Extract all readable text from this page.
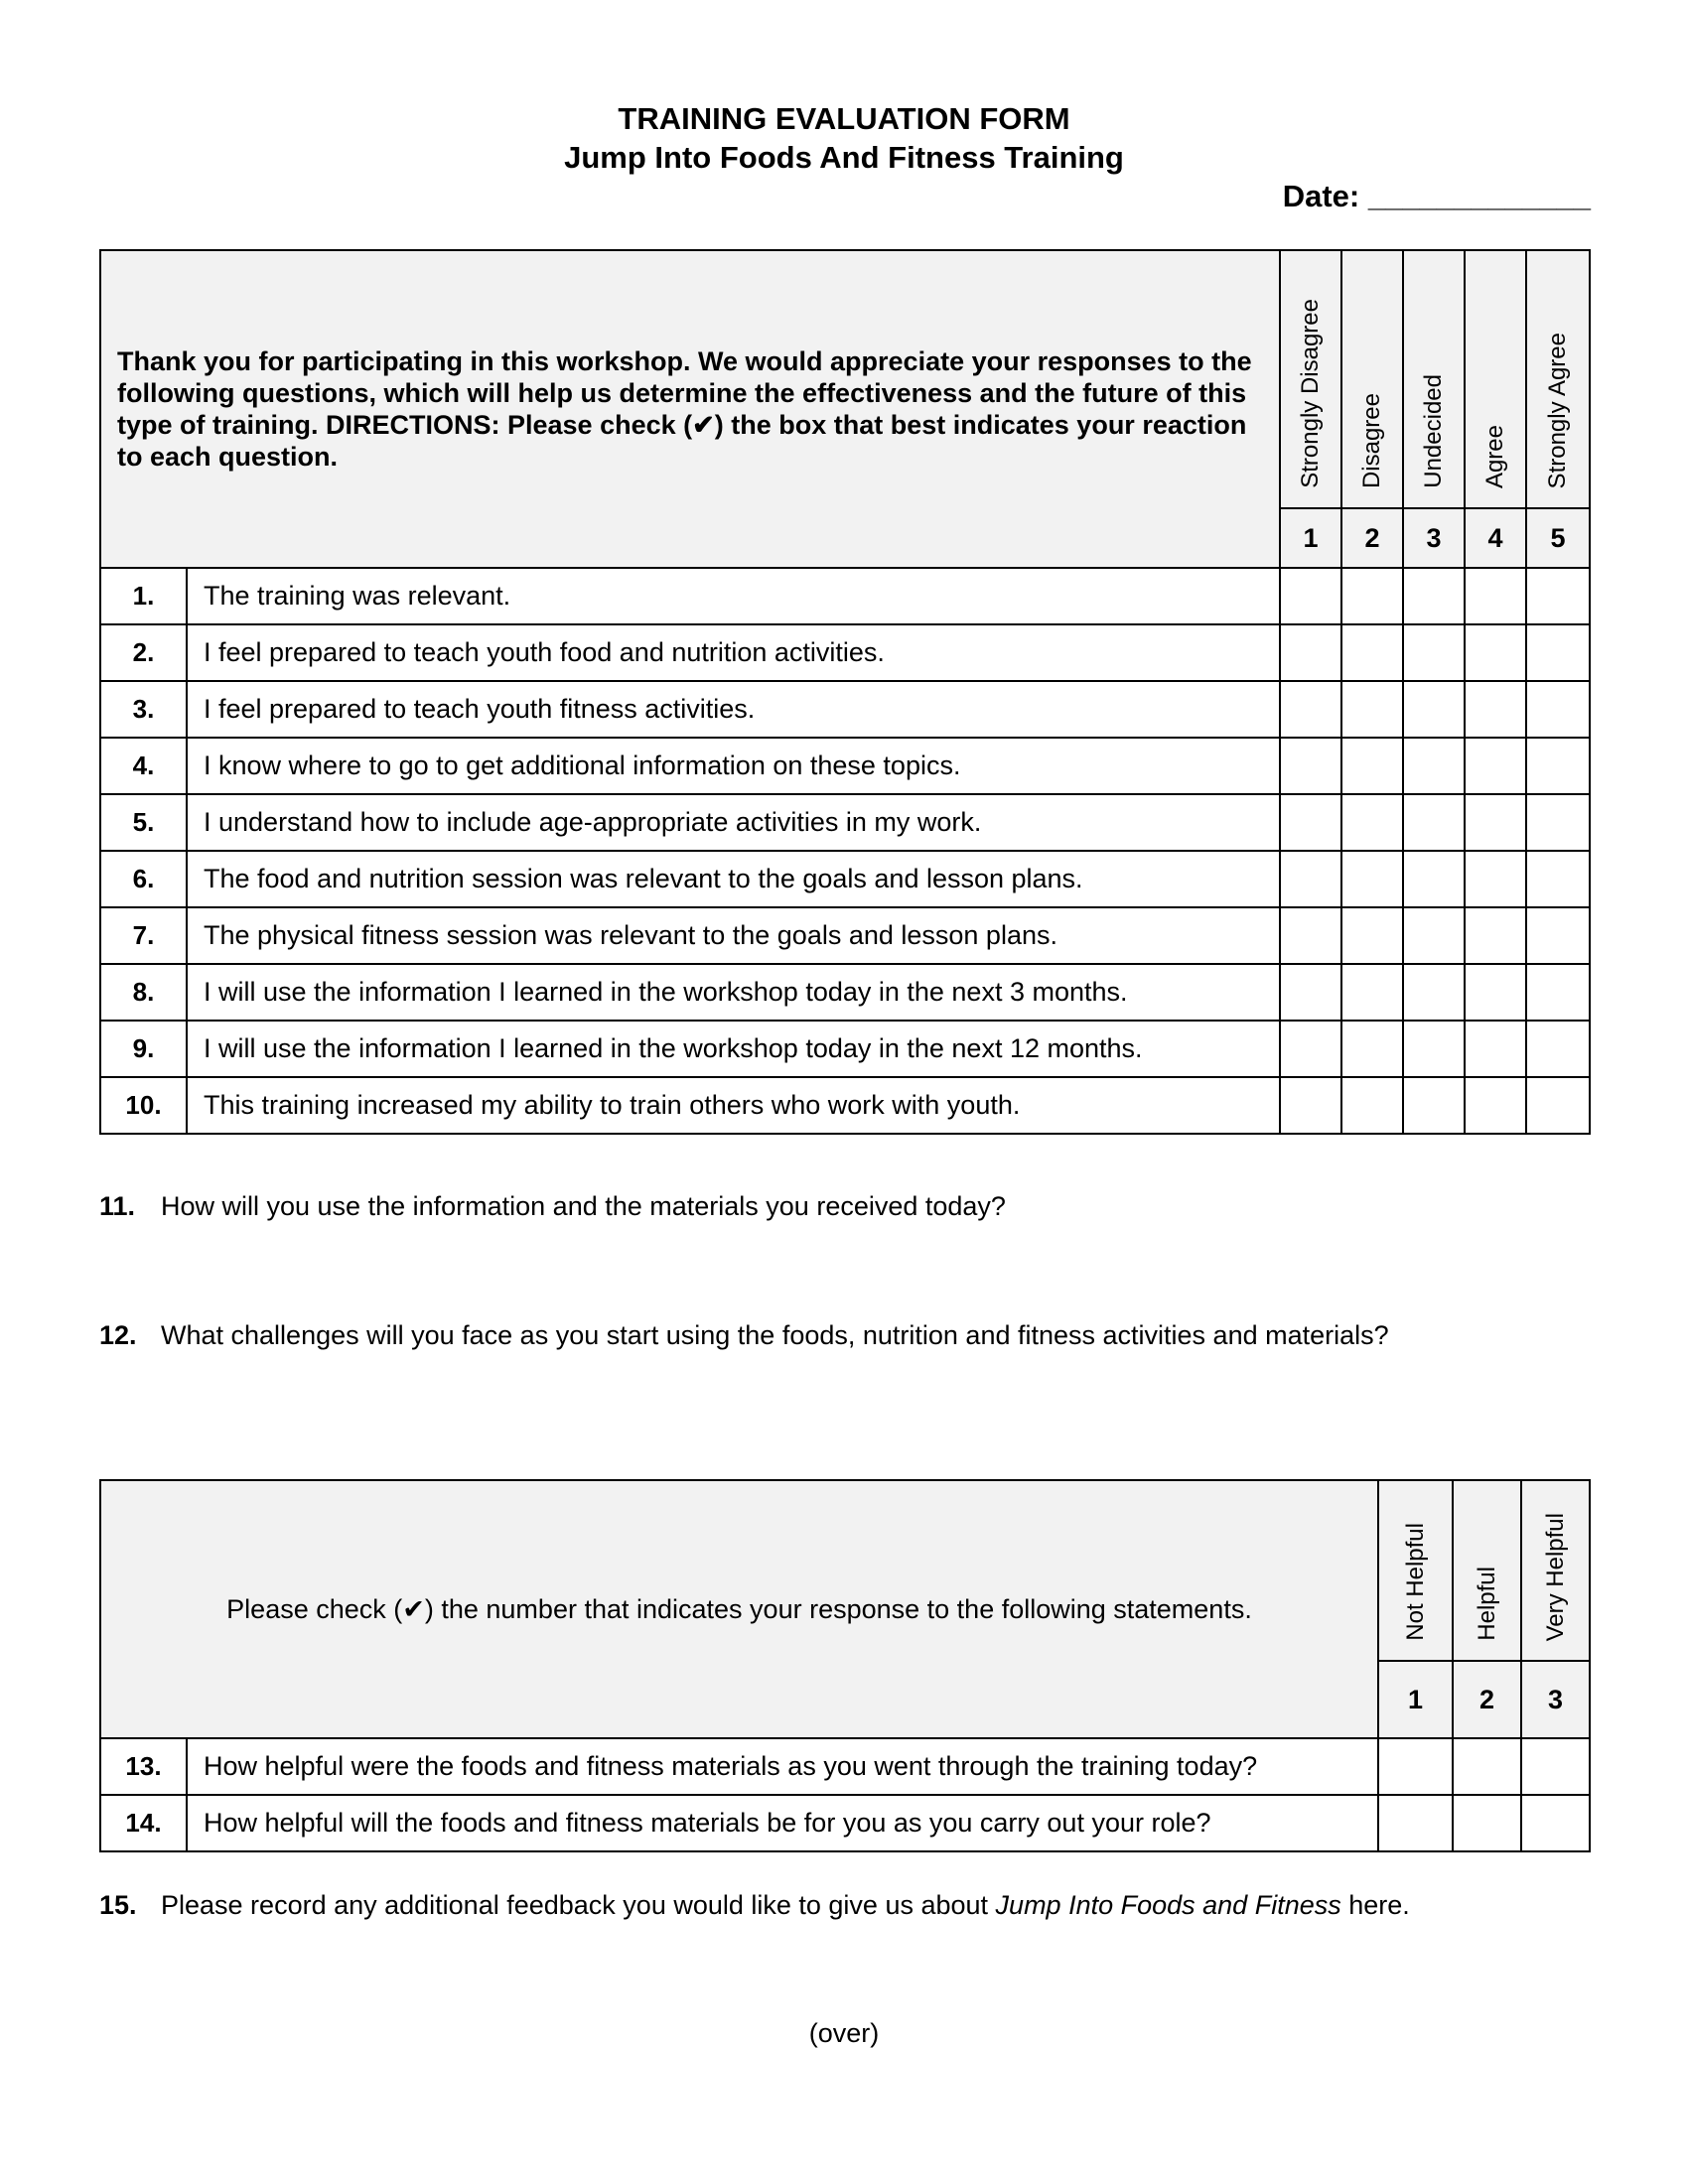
TRAINING EVALUATION FORM
Jump Into Foods And Fitness Training
Date: _____________
Thank you for participating in this workshop. We would appreciate your responses to the following questions, which will help us determine the effectiveness and the future of this type of training. DIRECTIONS: Please check (✔) the box that best indicates your reaction to each question.		Strongly Disagree	Disagree	Undecided	Agree	Strongly Agree
		1	2	3	4	5
1.	The training was relevant.					
2.	I feel prepared to teach youth food and nutrition activities.					
3.	I feel prepared to teach youth fitness activities.					
4.	I know where to go to get additional information on these topics.					
5.	I understand how to include age-appropriate activities in my work.					
6.	The food and nutrition session was relevant to the goals and lesson plans.					
7.	The physical fitness session was relevant to the goals and lesson plans.					
8.	I will use the information I learned in the workshop today in the next 3 months.					
9.	I will use the information I learned in the workshop today in the next 12 months.					
10.	This training increased my ability to train others who work with youth.					
11. How will you use the information and the materials you received today?
12. What challenges will you face as you start using the foods, nutrition and fitness activities and materials?
Please check (✔) the number that indicates your response to the following statements.		Not Helpful	Helpful	Very Helpful
		1	2	3
13.	How helpful were the foods and fitness materials as you went through the training today?			
14.	How helpful will the foods and fitness materials be for you as you carry out your role?			
15. Please record any additional feedback you would like to give us about Jump Into Foods and Fitness here.
(over)
